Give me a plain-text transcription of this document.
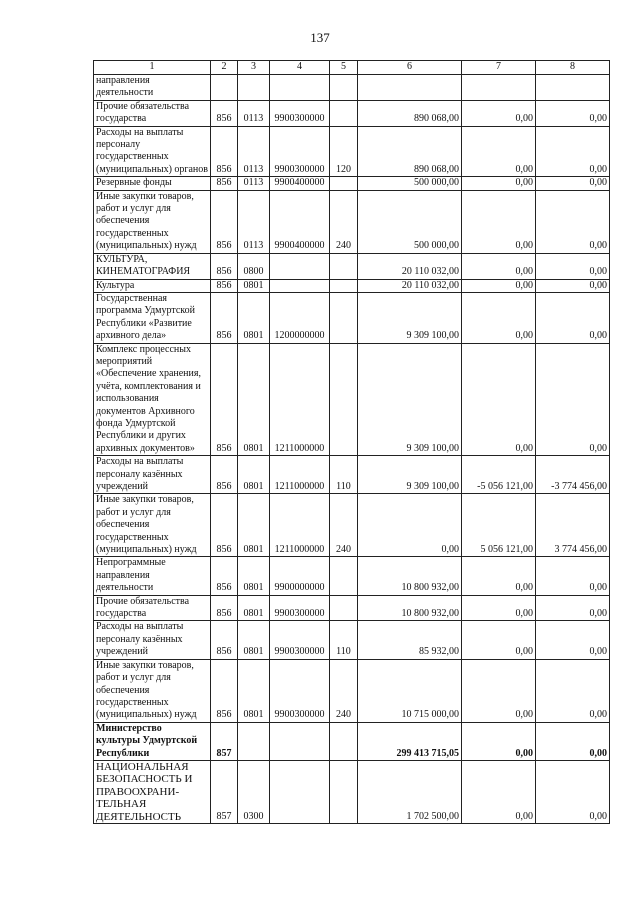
137
1	2	3	4	5	6	7	8
направления деятельности							
Прочие обязательства государства	856	0113	9900300000		890 068,00	0,00	0,00
Расходы на выплаты персоналу государственных (муниципальных) органов	856	0113	9900300000	120	890 068,00	0,00	0,00
Резервные фонды	856	0113	9900400000		500 000,00	0,00	0,00
Иные закупки товаров, работ и услуг для обеспечения государственных (муниципальных) нужд	856	0113	9900400000	240	500 000,00	0,00	0,00
КУЛЬТУРА, КИНЕМАТОГРАФИЯ	856	0800			20 110 032,00	0,00	0,00
Культура	856	0801			20 110 032,00	0,00	0,00
Государственная программа Удмуртской Республики «Развитие архивного дела»	856	0801	1200000000		9 309 100,00	0,00	0,00
Комплекс процессных мероприятий «Обеспечение хранения, учёта, комплектования и использования документов Архивного фонда Удмуртской Республики и других архивных документов»	856	0801	1211000000		9 309 100,00	0,00	0,00
Расходы на выплаты персоналу казённых учреждений	856	0801	1211000000	110	9 309 100,00	-5 056 121,00	-3 774 456,00
Иные закупки товаров, работ и услуг для обеспечения государственных (муниципальных) нужд	856	0801	1211000000	240	0,00	5 056 121,00	3 774 456,00
Непрограммные направления деятельности	856	0801	9900000000		10 800 932,00	0,00	0,00
Прочие обязательства государства	856	0801	9900300000		10 800 932,00	0,00	0,00
Расходы на выплаты персоналу казённых учреждений	856	0801	9900300000	110	85 932,00	0,00	0,00
Иные закупки товаров, работ и услуг для обеспечения государственных (муниципальных) нужд	856	0801	9900300000	240	10 715 000,00	0,00	0,00
Министерство культуры Удмуртской Республики	857				299 413 715,05	0,00	0,00
НАЦИОНАЛЬНАЯ БЕЗОПАСНОСТЬ И ПРАВООХРАНИ-ТЕЛЬНАЯ ДЕЯТЕЛЬНОСТЬ	857	0300			1 702 500,00	0,00	0,00
